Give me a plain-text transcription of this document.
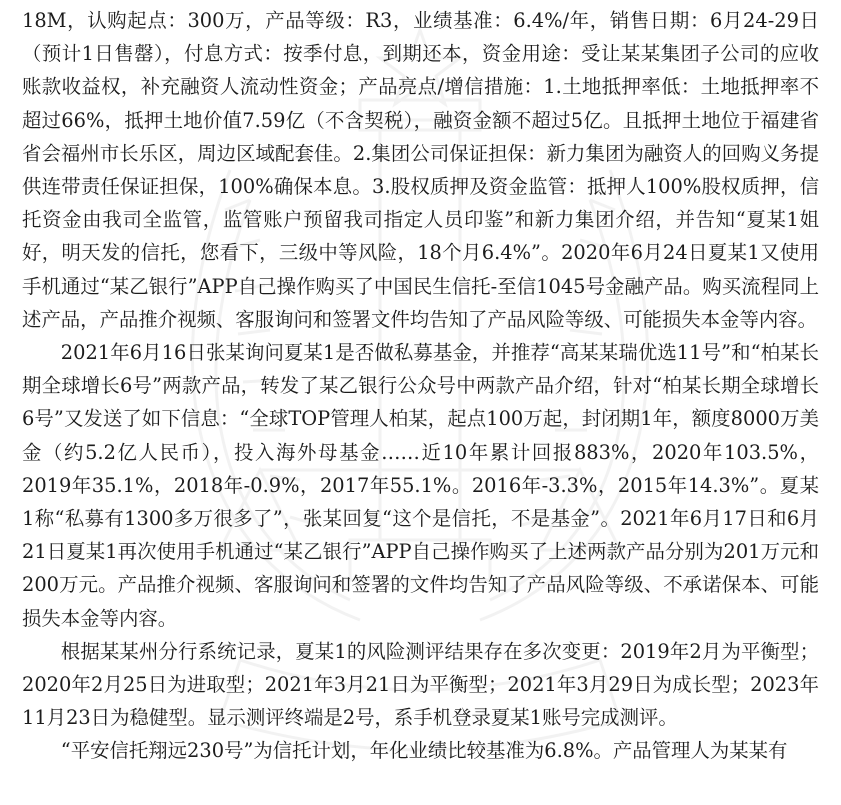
18M，认购起点：300万，产品等级：R3，业绩基准：6.4%/年，销售日期：6月24-29日（预计1日售罄），付息方式：按季付息，到期还本，资金用途：受让某某集团子公司的应收账款收益权，补充融资人流动性资金；产品亮点/增信措施：1.土地抵押率低：土地抵押率不超过66%，抵押土地价值7.59亿（不含契税），融资金额不超过5亿。且抵押土地位于福建省省会福州市长乐区，周边区域配套佳。2.集团公司保证担保：新力集团为融资人的回购义务提供连带责任保证担保，100%确保本息。3.股权质押及资金监管：抵押人100%股权质押，信托资金由我司全监管，监管账户预留我司指定人员印鉴”和新力集团介绍，并告知“夏某1姐好，明天发的信托，您看下，三级中等风险，18个月6.4%”。2020年6月24日夏某1又使用手机通过“某乙银行”APP自己操作购买了中国民生信托-至信1045号金融产品。购买流程同上述产品，产品推介视频、客服询问和签署文件均告知了产品风险等级、可能损失本金等内容。

2021年6月16日张某询问夏某1是否做私募基金，并推荐“高某某瑞优选11号”和“柏某长期全球增长6号”两款产品，转发了某乙银行公众号中两款产品介绍，针对“柏某长期全球增长6号”又发送了如下信息：“全球TOP管理人柏某，起点100万起，封闭期1年，额度8000万美金（约5.2亿人民币），投入海外母基金……近10年累计回报883%，2020年103.5%，2019年35.1%，2018年-0.9%，2017年55.1%。2016年-3.3%，2015年14.3%”。夏某1称“私募有1300多万很多了”，张某回复“这个是信托，不是基金”。2021年6月17日和6月21日夏某1再次使用手机通过“某乙银行”APP自己操作购买了上述两款产品分别为201万元和200万元。产品推介视频、客服询问和签署的文件均告知了产品风险等级、不承诺保本、可能损失本金等内容。

根据某某州分行系统记录，夏某1的风险测评结果存在多次变更：2019年2月为平衡型；2020年2月25日为进取型；2021年3月21日为平衡型；2021年3月29日为成长型；2023年11月23日为稳健型。显示测评终端是2号，系手机登录夏某1账号完成测评。

“平安信托翔远230号”为信托计划，年化业绩比较基准为6.8%。产品管理人为某某有
